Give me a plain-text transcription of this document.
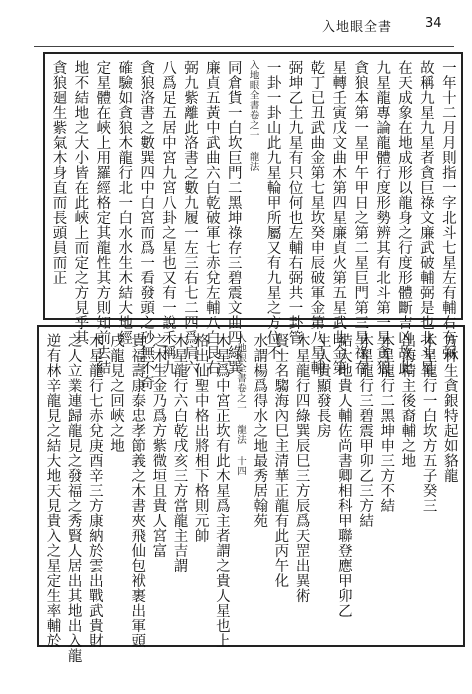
入地眼全書	34
一年十二月月則指一字北斗七星左有輔右有弼
故稱九星九星者貪巨祿文廉武破輔弼是也北斗星
在天成象在地成形以龍身之行度形體斷吉凶故此
九星龍專論龍體行度形勢辨其有北斗第一星貪狼
貪狼本第一星甲午甲日之第二星巨門第三星祿存
星轉壬寅戊文曲木第四星廉貞火第五星武曲金第
乾丁已丑武曲金第七星坎癸申辰破軍金第八星輔
弼坤乙土九星有只位何也左輔右弼共一卦管
一卦一卦山此九星輪甲所屬又有九星之方位不
入地眼全書卷之一 龍法
同倉貨一白坎巨門二黑坤祿存三碧震文曲四綠巽
廉貞五黃中武曲六白乾破軍七赤兌左輔八白艮右
弼九紫離此洛書之數九履一左三右七二四爲肩六
八爲足五居中宮九宮八卦之星也又有一說禾稱九
貪狼洛書之數巽四中白宮而爲一看發頭之砂無不奇
確驗如貪狼木龍行北一白水水生木結大地經
定星體在峽上用羅經格定其龍性其方則知前去結
地不結地之大小皆在此峽上而定之方見乎其
貪狼廻生紫氣木身直而長頭員而正
方林生貪銀特起如貉龍
木星龍行一白坎方五子癸三
出海精主後裔輔之地
木星龍行二黑坤申三方不結
木星龍行三碧震甲卯乙三方結
結大地貴人輔佐尚書卿相科甲聯登應甲卯乙
生人貴顯發長房
木星龍行四綠巽辰巳三方辰爲天罡出異術
賢士名騶海內巳主清華正龍有此丙午化
水謂楊爲得水之地最秀居翰苑
入地眼全書卷之一 龍法 十四
木星爲中宮正坎有此木星爲主者謂之貴人星也上
格出仙聖中格出將相下格則元帥
木星龍行六白乾戌亥三方當龍主吉謂
之木生金乃爲方紫微垣且貴人宮富
貴福壽康泰忠孝節義之木書夾飛仙包袱裹出軍頭
戌龍見之回峽之地
木星龍行七赤兌庚酉辛三方康納於雲出戰武貴財
之人立業連歸龍見之發福之秀賢人居出其地出入龍
逆有林辛龍見之結大地天見貴入之星定生率輔於
